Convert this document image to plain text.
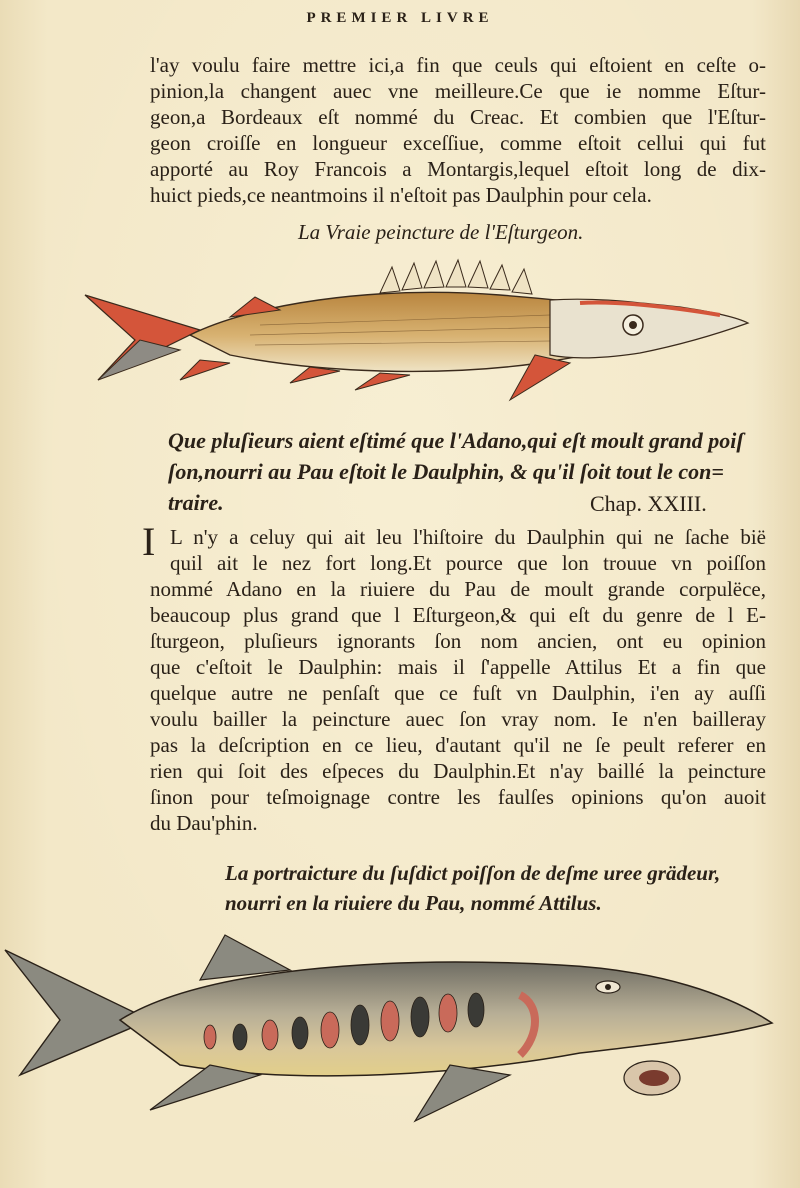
PREMIER LIVRE
l'ay voulu faire mettre ici,a fin que ceuls qui eſtoient en ceſte o-
pinion,la changent auec vne meilleure.Ce que ie nomme Eſtur-
geon,a Bordeaux eſt nommé du Creac. Et combien que l'Eſtur-
geon croiſſe en longueur exceſſiue, comme eſtoit cellui qui fut
apporté au Roy Francois a Montargis,lequel eſtoit long de dix-
huict pieds,ce neantmoins il n'eſtoit pas Daulphin pour cela.
La Vraie peincture de l'Eſturgeon.
Que pluſieurs aient eſtimé que l'Adano,qui eſt moult grand poiſ
ſon,nourri au Pau eſtoit le Daulphin, & qu'il ſoit tout le con=
traire.	Chap. XXIII.
I L n'y a celuy qui ait leu l'hiſtoire du Daulphin qui ne ſache bië
quil ait le nez fort long.Et pource que lon trouue vn poiſſon
nommé Adano en la riuiere du Pau de moult grande corpulëce,
beaucoup plus grand que l Eſturgeon,& qui eſt du genre de l E-
ſturgeon, pluſieurs ignorants ſon nom ancien, ont eu opinion
que c'eſtoit le Daulphin: mais il ſ'appelle Attilus Et a fin que
quelque autre ne penſaſt que ce fuſt vn Daulphin, i'en ay auſſi
voulu bailler la peincture auec ſon vray nom. Ie n'en bailleray
pas la deſcription en ce lieu, d'autant qu'il ne ſe peult referer en
rien qui ſoit des eſpeces du Daulphin.Et n'ay baillé la peincture
ſinon pour teſmoignage contre les faulſes opinions qu'on auoit
du Dau'phin.
La portraicture du ſuſdict poiſſon de deſme uree grädeur,
nourri en la riuiere du Pau, nommé Attilus.
